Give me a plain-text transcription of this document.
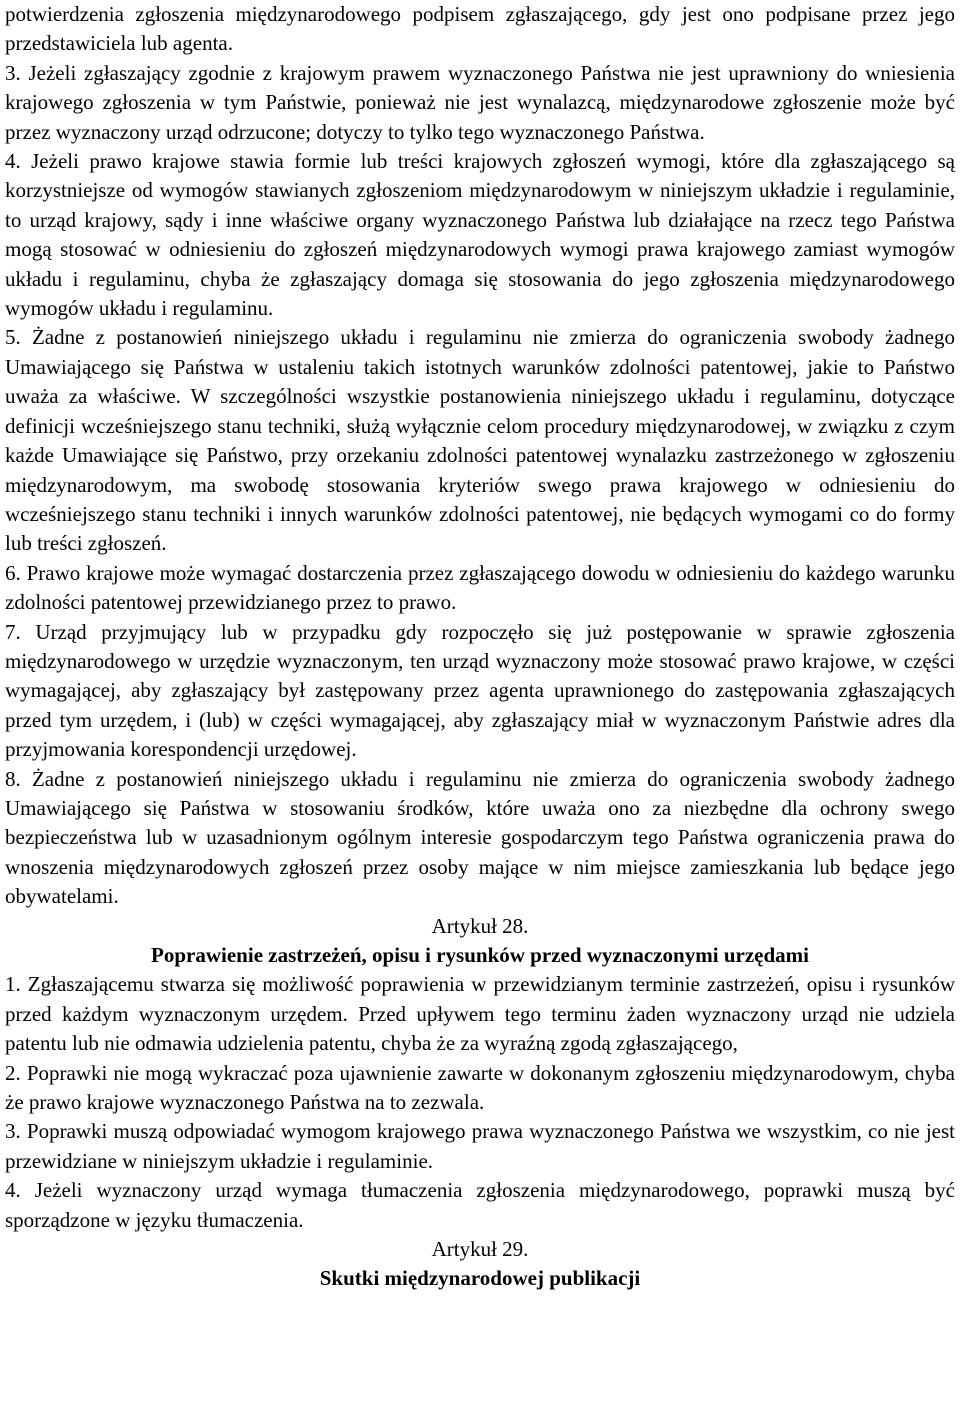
potwierdzenia zgłoszenia międzynarodowego podpisem zgłaszającego, gdy jest ono podpisane przez jego przedstawiciela lub agenta.

3. Jeżeli zgłaszający zgodnie z krajowym prawem wyznaczonego Państwa nie jest uprawniony do wniesienia krajowego zgłoszenia w tym Państwie, ponieważ nie jest wynalazcą, międzynarodowe zgłoszenie może być przez wyznaczony urząd odrzucone; dotyczy to tylko tego wyznaczonego Państwa.

4. Jeżeli prawo krajowe stawia formie lub treści krajowych zgłoszeń wymogi, które dla zgłaszającego są korzystniejsze od wymogów stawianych zgłoszeniom międzynarodowym w niniejszym układzie i regulaminie, to urząd krajowy, sądy i inne właściwe organy wyznaczonego Państwa lub działające na rzecz tego Państwa mogą stosować w odniesieniu do zgłoszeń międzynarodowych wymogi prawa krajowego zamiast wymogów układu i regulaminu, chyba że zgłaszający domaga się stosowania do jego zgłoszenia międzynarodowego wymogów układu i regulaminu.

5. Żadne z postanowień niniejszego układu i regulaminu nie zmierza do ograniczenia swobody żadnego Umawiającego się Państwa w ustaleniu takich istotnych warunków zdolności patentowej, jakie to Państwo uważa za właściwe. W szczególności wszystkie postanowienia niniejszego układu i regulaminu, dotyczące definicji wcześniejszego stanu techniki, służą wyłącznie celom procedury międzynarodowej, w związku z czym każde Umawiające się Państwo, przy orzekaniu zdolności patentowej wynalazku zastrzeżonego w zgłoszeniu międzynarodowym, ma swobodę stosowania kryteriów swego prawa krajowego w odniesieniu do wcześniejszego stanu techniki i innych warunków zdolności patentowej, nie będących wymogami co do formy lub treści zgłoszeń.

6. Prawo krajowe może wymagać dostarczenia przez zgłaszającego dowodu w odniesieniu do każdego warunku zdolności patentowej przewidzianego przez to prawo.

7. Urząd przyjmujący lub w przypadku gdy rozpoczęło się już postępowanie w sprawie zgłoszenia międzynarodowego w urzędzie wyznaczonym, ten urząd wyznaczony może stosować prawo krajowe, w części wymagającej, aby zgłaszający był zastępowany przez agenta uprawnionego do zastępowania zgłaszających przed tym urzędem, i (lub) w części wymagającej, aby zgłaszający miał w wyznaczonym Państwie adres dla przyjmowania korespondencji urzędowej.

8. Żadne z postanowień niniejszego układu i regulaminu nie zmierza do ograniczenia swobody żadnego Umawiającego się Państwa w stosowaniu środków, które uważa ono za niezbędne dla ochrony swego bezpieczeństwa lub w uzasadnionym ogólnym interesie gospodarczym tego Państwa ograniczenia prawa do wnoszenia międzynarodowych zgłoszeń przez osoby mające w nim miejsce zamieszkania lub będące jego obywatelami.

Artykuł 28.

Poprawienie zastrzeżeń, opisu i rysunków przed wyznaczonymi urzędami

1. Zgłaszającemu stwarza się możliwość poprawienia w przewidzianym terminie zastrzeżeń, opisu i rysunków przed każdym wyznaczonym urzędem. Przed upływem tego terminu żaden wyznaczony urząd nie udziela patentu lub nie odmawia udzielenia patentu, chyba że za wyraźną zgodą zgłaszającego,

2. Poprawki nie mogą wykraczać poza ujawnienie zawarte w dokonanym zgłoszeniu międzynarodowym, chyba że prawo krajowe wyznaczonego Państwa na to zezwala.

3. Poprawki muszą odpowiadać wymogom krajowego prawa wyznaczonego Państwa we wszystkim, co nie jest przewidziane w niniejszym układzie i regulaminie.

4. Jeżeli wyznaczony urząd wymaga tłumaczenia zgłoszenia międzynarodowego, poprawki muszą być sporządzone w języku tłumaczenia.

Artykuł 29.

Skutki międzynarodowej publikacji
